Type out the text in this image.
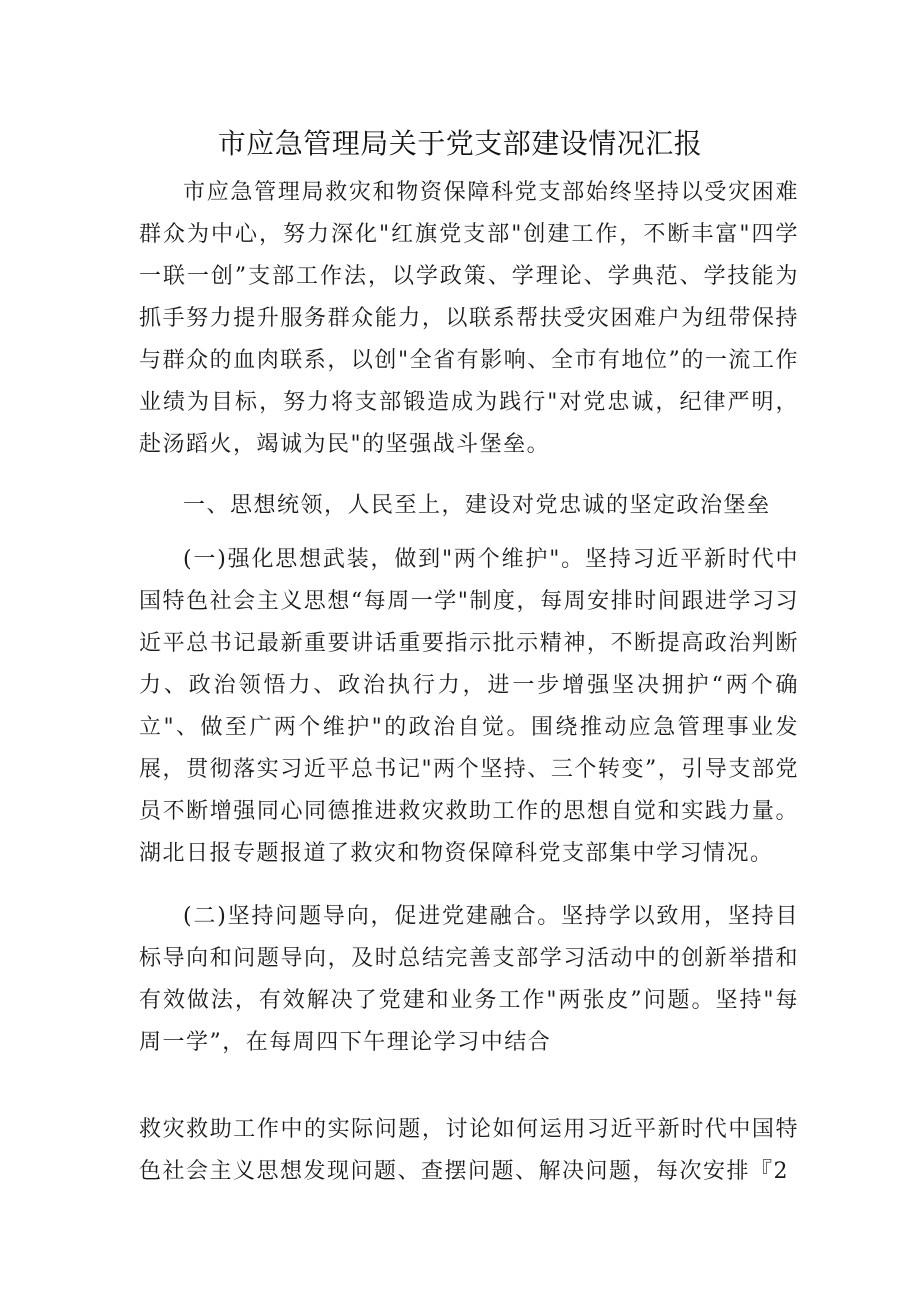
市应急管理局关于党支部建设情况汇报

市应急管理局救灾和物资保障科党支部始终坚持以受灾困难群众为中心，努力深化"红旗党支部"创建工作，不断丰富"四学一联一创”支部工作法，以学政策、学理论、学典范、学技能为抓手努力提升服务群众能力，以联系帮扶受灾困难户为纽带保持与群众的血肉联系，以创"全省有影响、全市有地位”的一流工作业绩为目标，努力将支部锻造成为践行"对党忠诚，纪律严明，赴汤蹈火，竭诚为民"的坚强战斗堡垒。

一、思想统领，人民至上，建设对党忠诚的坚定政治堡垒

(一)强化思想武装，做到"两个维护"。坚持习近平新时代中国特色社会主义思想“每周一学"制度，每周安排时间跟进学习习近平总书记最新重要讲话重要指示批示精神，不断提高政治判断力、政治领悟力、政治执行力，进一步增强坚决拥护“两个确立"、做至广两个维护"的政治自觉。围绕推动应急管理事业发展，贯彻落实习近平总书记"两个坚持、三个转变”，引导支部党员不断增强同心同德推进救灾救助工作的思想自觉和实践力量。湖北日报专题报道了救灾和物资保障科党支部集中学习情况。

(二)坚持问题导向，促进党建融合。坚持学以致用，坚持目标导向和问题导向，及时总结完善支部学习活动中的创新举措和有效做法，有效解决了党建和业务工作"两张皮”问题。坚持"每周一学”，在每周四下午理论学习中结合

救灾救助工作中的实际问题，讨论如何运用习近平新时代中国特色社会主义思想发现问题、查摆问题、解决问题，每次安排『2
